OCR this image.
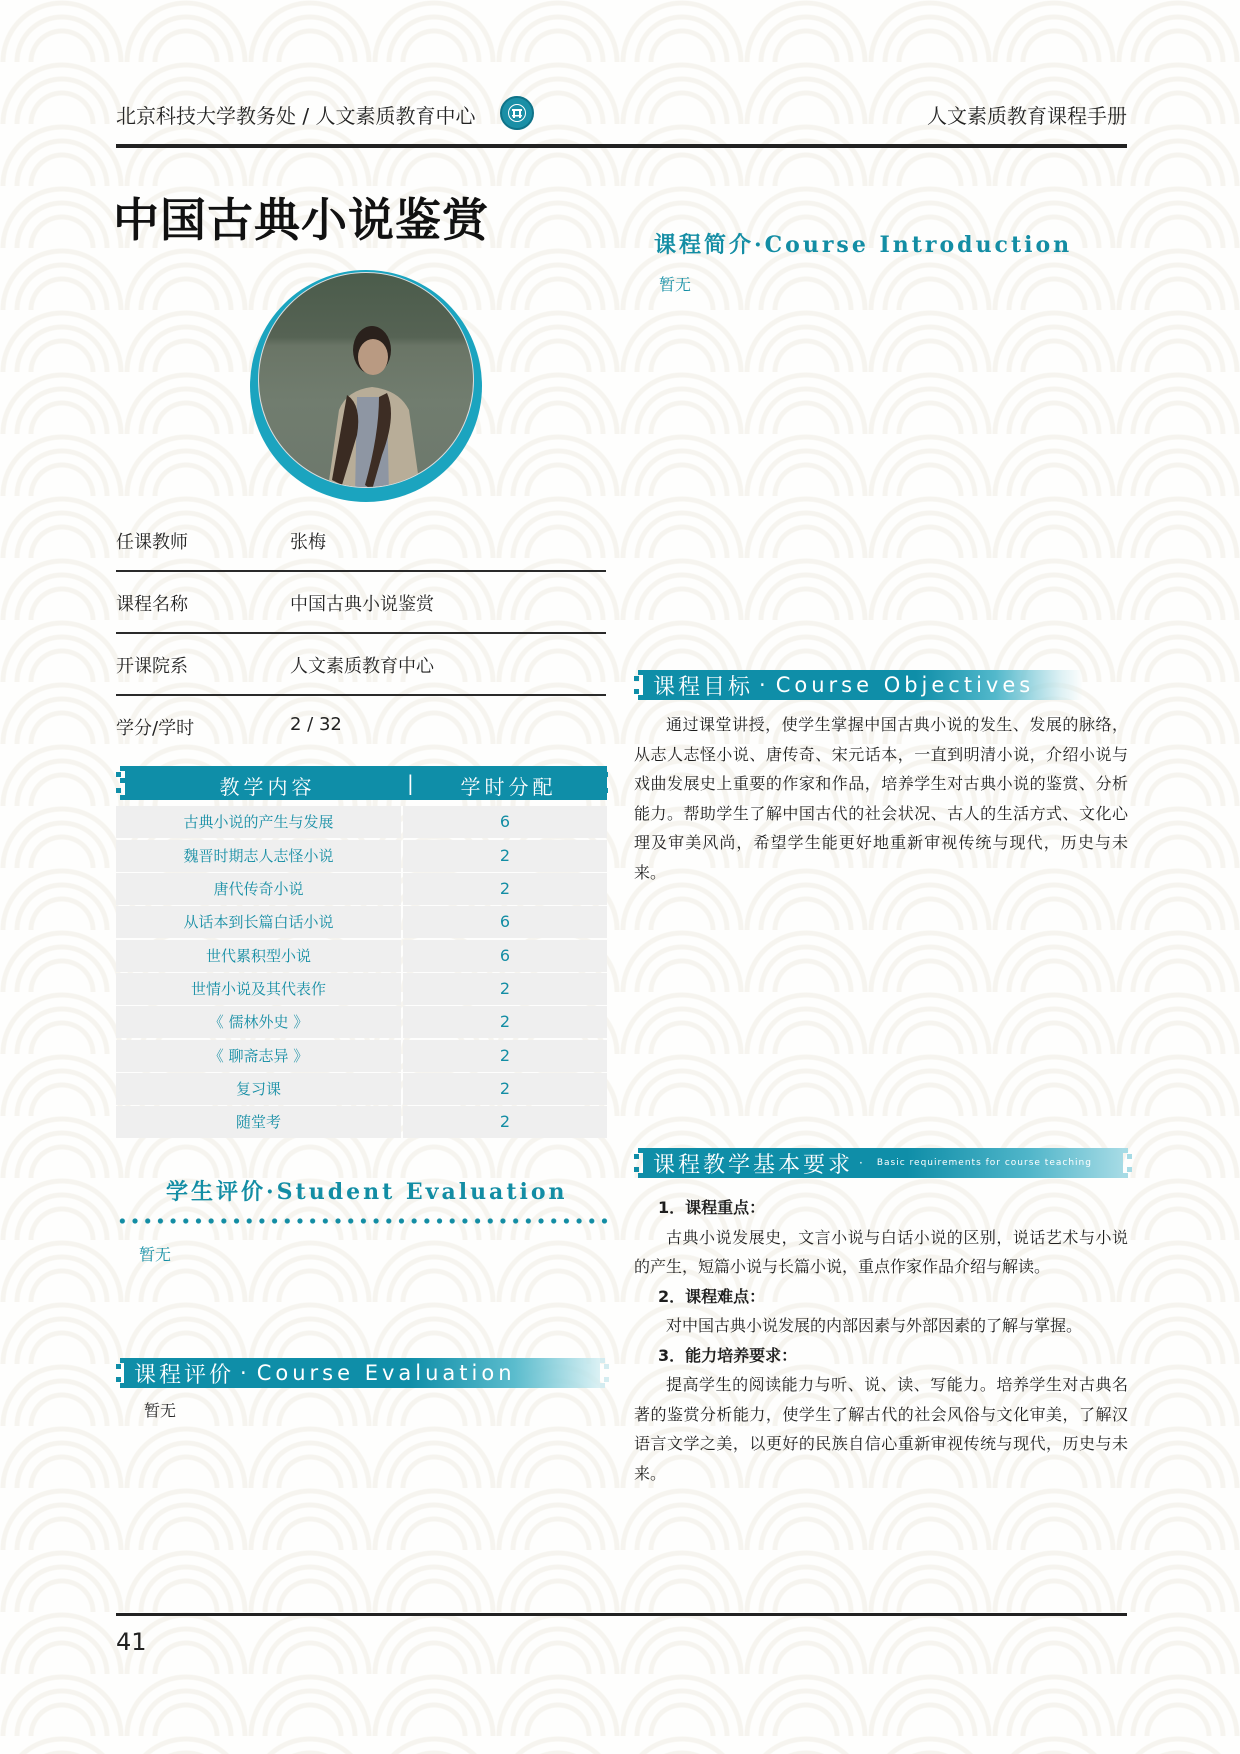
北京科技大学教务处 / 人文素质教育中心	人文素质教育课程手册
中国古典小说鉴赏	课程简介·Course Introduction
暂无
任课教师	张梅
课程名称	中国古典小说鉴赏
开课院系	人文素质教育中心
学分/学时	2 / 32
教学内容	|	学时分配
古典小说的产生与发展	6
魏晋时期志人志怪小说	2
唐代传奇小说	2
从话本到长篇白话小说	6
世代累积型小说	6
世情小说及其代表作	2
《 儒林外史 》	2
《 聊斋志异 》	2
复习课	2
随堂考	2
学生评价·Student Evaluation
暂无
课程评价 · Course Evaluation
暂无
课程目标 · Course Objectives
通过课堂讲授，使学生掌握中国古典小说的发生、发展的脉络，从志人志怪小说、唐传奇、宋元话本，一直到明清小说，介绍小说与戏曲发展史上重要的作家和作品，培养学生对古典小说的鉴赏、分析能力。帮助学生了解中国古代的社会状况、古人的生活方式、文化心理及审美风尚，希望学生能更好地重新审视传统与现代，历史与未来。
课程教学基本要求 · Basic requirements for course teaching
1．课程重点：
古典小说发展史，文言小说与白话小说的区别，说话艺术与小说的产生，短篇小说与长篇小说，重点作家作品介绍与解读。
2．课程难点：
对中国古典小说发展的内部因素与外部因素的了解与掌握。
3．能力培养要求：
提高学生的阅读能力与听、说、读、写能力。培养学生对古典名著的鉴赏分析能力，使学生了解古代的社会风俗与文化审美，了解汉语言文学之美，以更好的民族自信心重新审视传统与现代，历史与未来。
41
